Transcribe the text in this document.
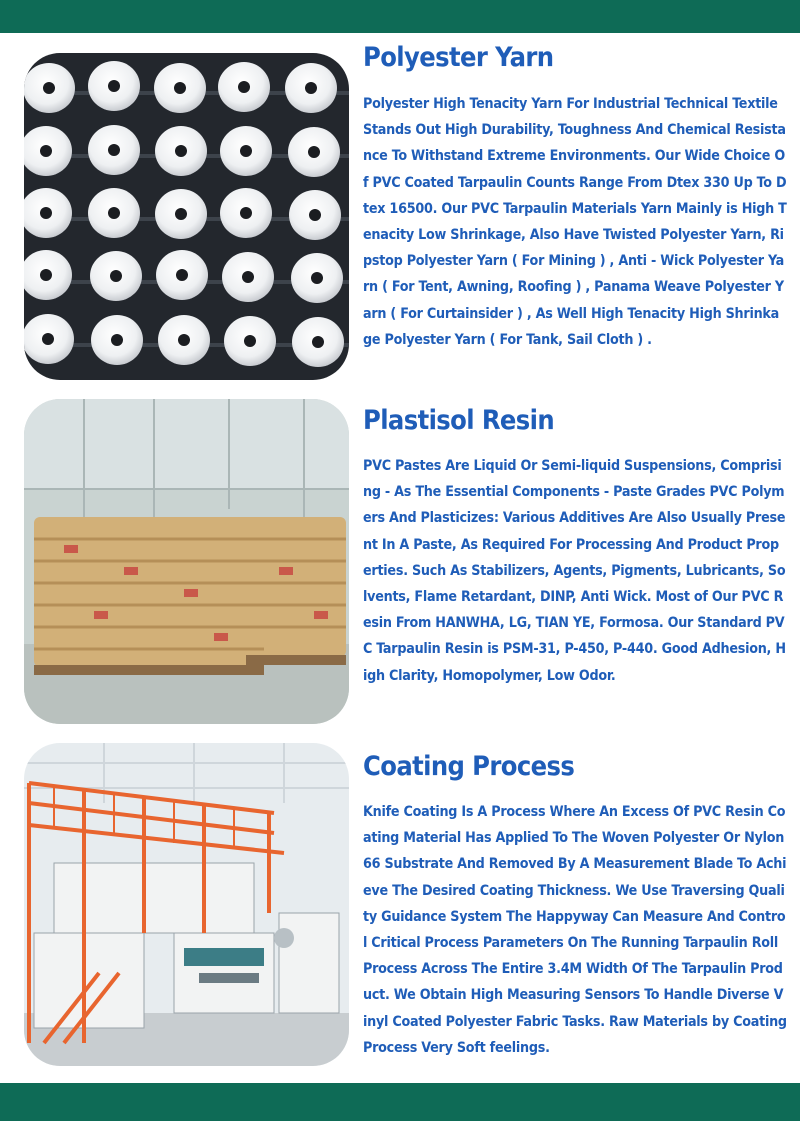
Polyester Yarn

Polyester High Tenacity Yarn For Industrial Technical Textile Stands Out High Durability, Toughness And Chemical Resistance To Withstand Extreme Environments. Our Wide Choice Of PVC Coated Tarpaulin Counts Range From Dtex 330 Up To Dtex 16500. Our PVC Tarpaulin Materials Yarn Mainly is High Tenacity Low Shrinkage, Also Have Twisted Polyester Yarn, Ripstop Polyester Yarn ( For Mining ) , Anti - Wick Polyester Yarn ( For Tent, Awning, Roofing ) , Panama Weave Polyester Yarn ( For Curtainsider ) , As Well High Tenacity High Shrinkage Polyester Yarn ( For Tank, Sail Cloth ) .

Plastisol Resin

PVC Pastes Are Liquid Or Semi-liquid Suspensions, Comprising - As The Essential Components - Paste Grades PVC Polymers And Plasticizes: Various Additives Are Also Usually Present In A Paste, As Required For Processing And Product Properties. Such As Stabilizers, Agents, Pigments, Lubricants, Solvents, Flame Retardant, DINP, Anti Wick. Most of Our PVC Resin From HANWHA, LG, TIAN YE, Formosa. Our Standard PVC Tarpaulin Resin is PSM-31, P-450, P-440. Good Adhesion, High Clarity, Homopolymer, Low Odor.

Coating Process

Knife Coating Is A Process Where An Excess Of PVC Resin Coating Material Has Applied To The Woven Polyester Or Nylon 66 Substrate And Removed By A Measurement Blade To Achieve The Desired Coating Thickness. We Use Traversing Quality Guidance System The Happyway Can Measure And Control Critical Process Parameters On The Running Tarpaulin Roll Process Across The Entire 3.4M Width Of The Tarpaulin Product. We Obtain High Measuring Sensors To Handle Diverse Vinyl Coated Polyester Fabric Tasks. Raw Materials by Coating Process Very Soft feelings.
